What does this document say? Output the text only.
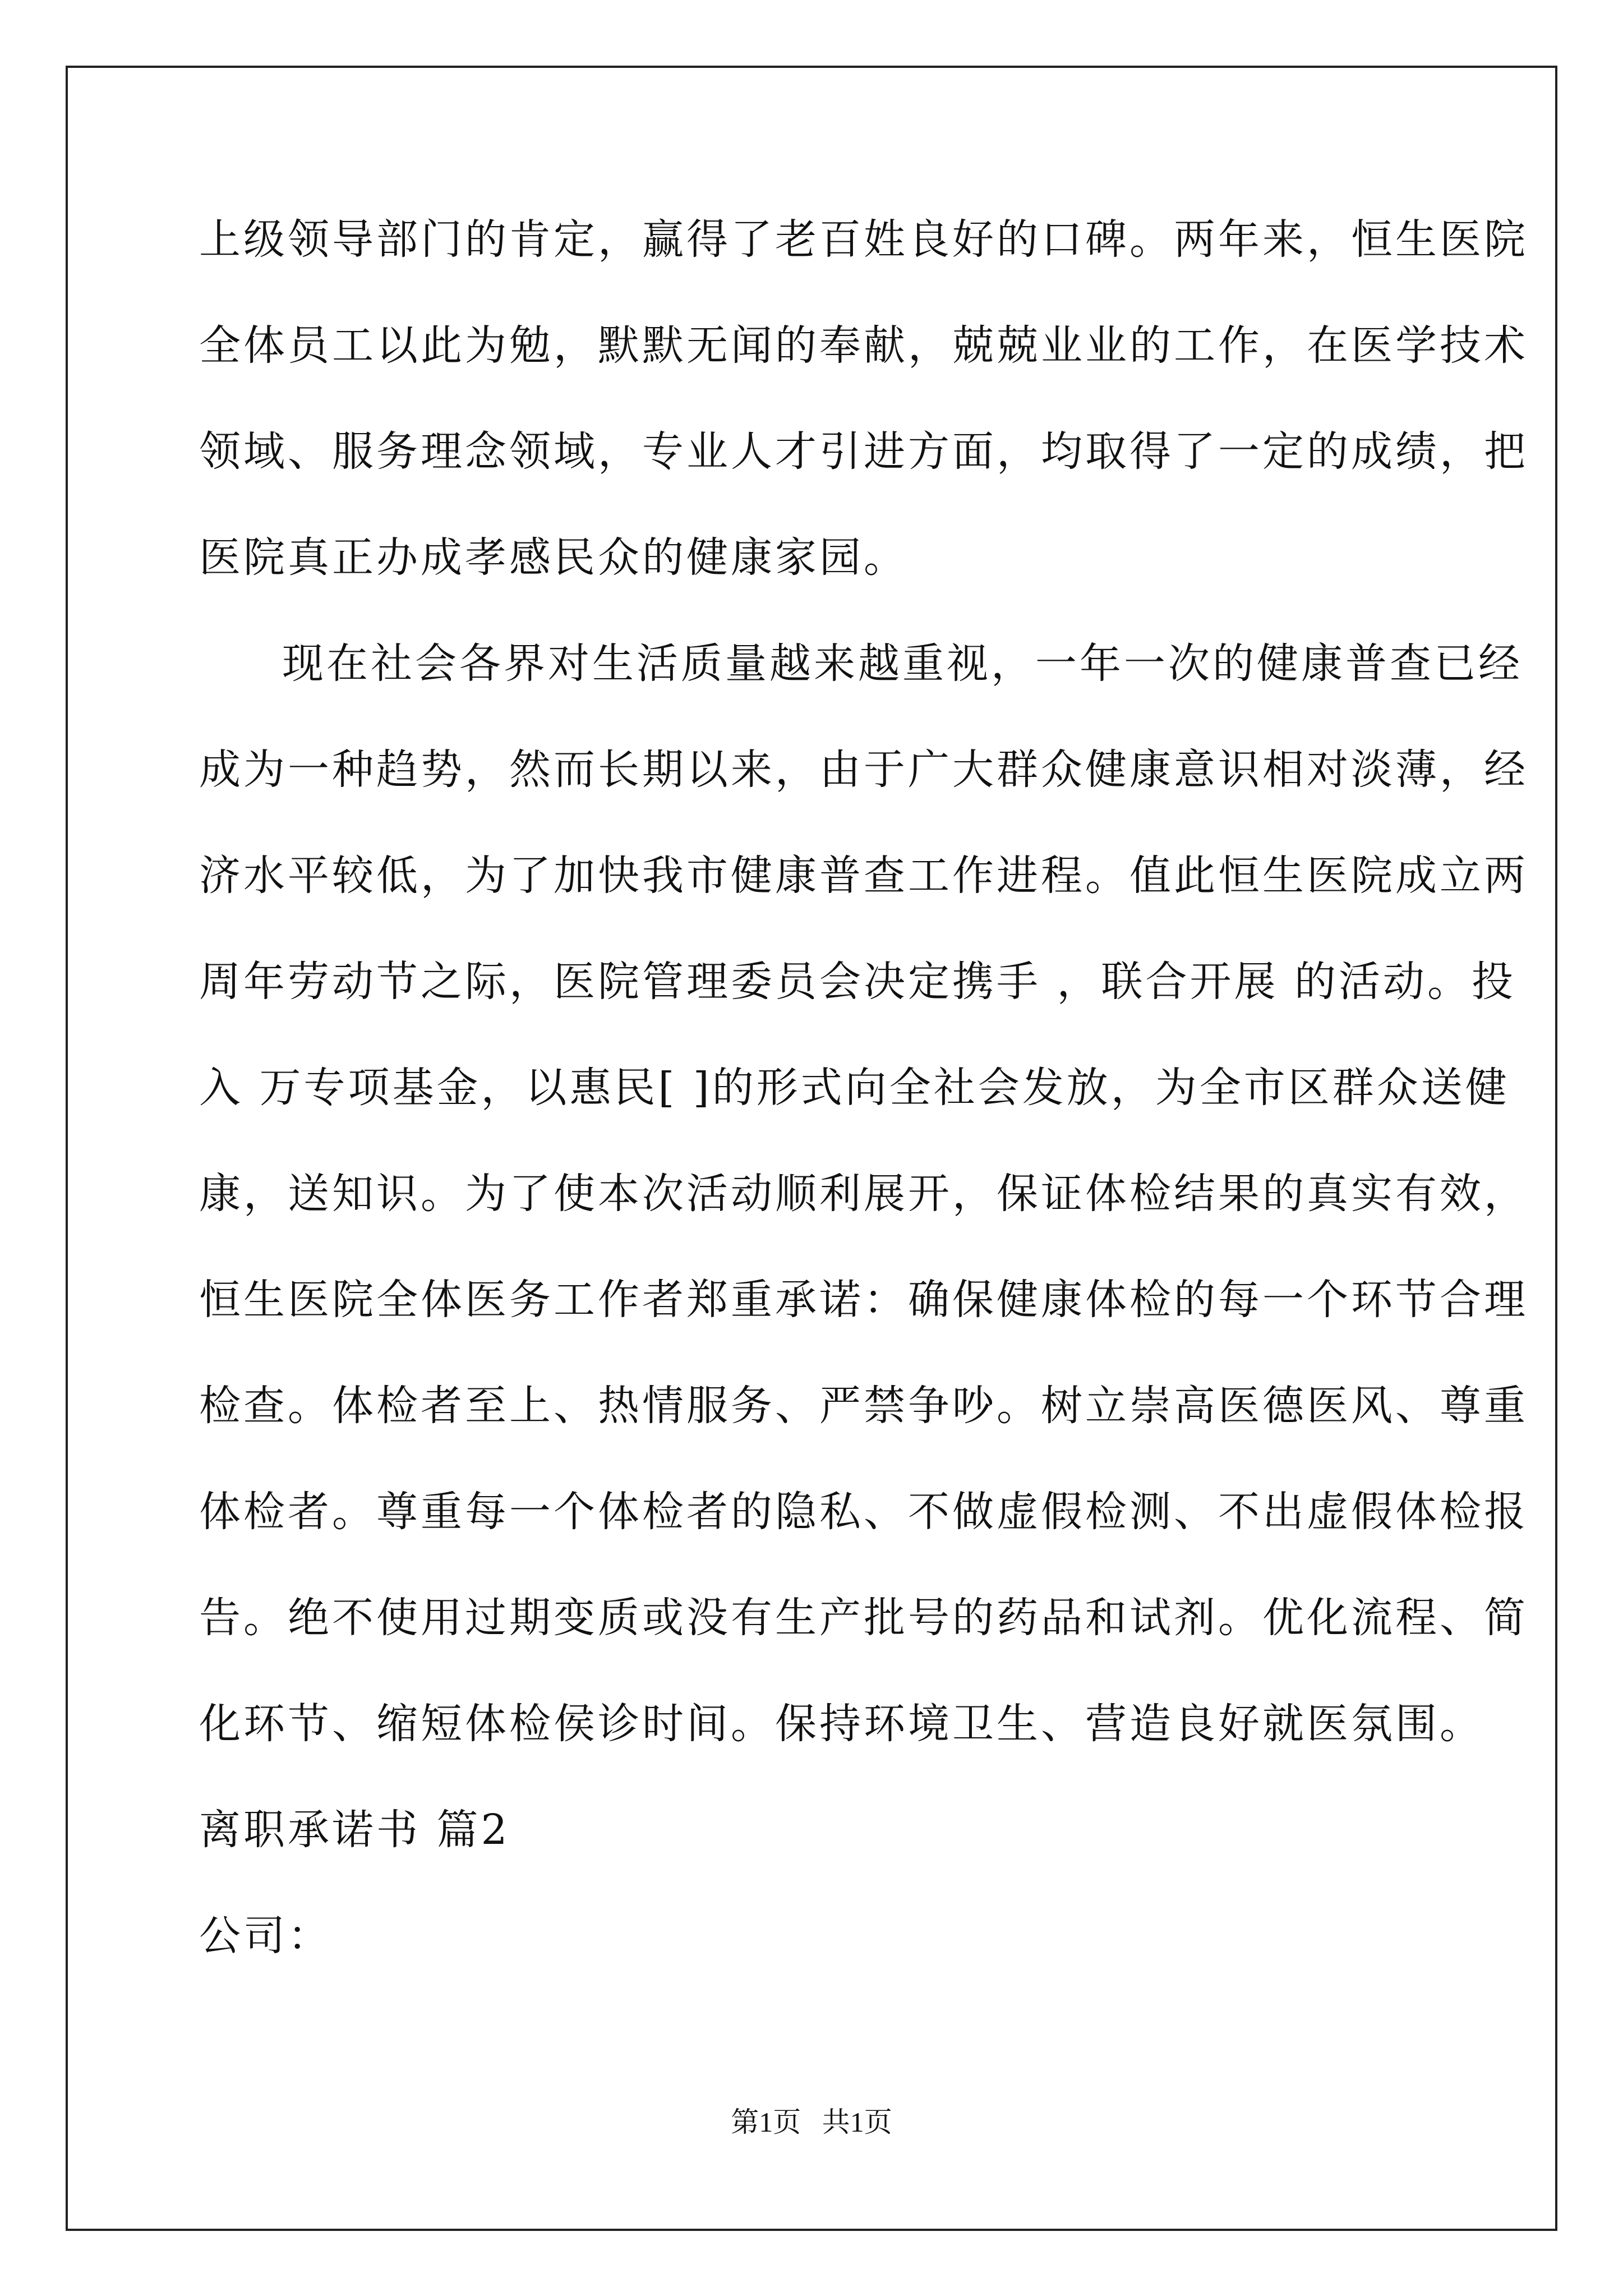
上级领导部门的肯定，赢得了老百姓良好的口碑。两年来，恒生医院
全体员工以此为勉，默默无闻的奉献，兢兢业业的工作，在医学技术
领域、服务理念领域，专业人才引进方面，均取得了一定的成绩，把
医院真正办成孝感民众的健康家园。
现在社会各界对生活质量越来越重视，一年一次的健康普查已经
成为一种趋势，然而长期以来，由于广大群众健康意识相对淡薄，经
济水平较低，为了加快我市健康普查工作进程。值此恒生医院成立两
周年劳动节之际，医院管理委员会决定携手 ，联合开展 的活动。投
入 万专项基金，以惠民[ ]的形式向全社会发放，为全市区群众送健
康，送知识。为了使本次活动顺利展开，保证体检结果的真实有效，
恒生医院全体医务工作者郑重承诺：确保健康体检的每一个环节合理
检查。体检者至上、热情服务、严禁争吵。树立崇高医德医风、尊重
体检者。尊重每一个体检者的隐私、不做虚假检测、不出虚假体检报
告。绝不使用过期变质或没有生产批号的药品和试剂。优化流程、简
化环节、缩短体检侯诊时间。保持环境卫生、营造良好就医氛围。
离职承诺书 篇2
公司：
第1页   共1页
